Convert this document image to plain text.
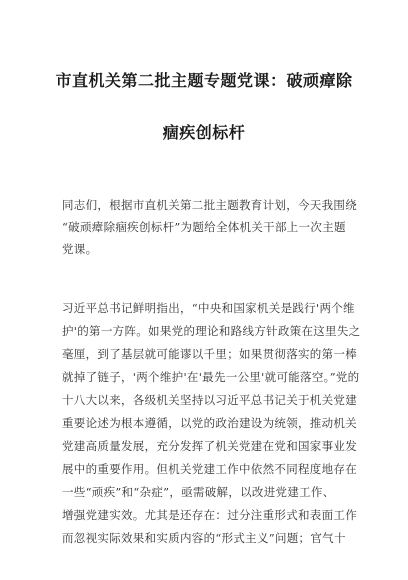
市直机关第二批主题专题党课：破顽瘴除
痼疾创标杆
同志们，根据市直机关第二批主题教育计划，今天我围绕
“破顽瘴除痼疾创标杆”为题给全体机关干部上一次主题
党课。
习近平总书记鲜明指出，“中央和国家机关是践行'两个维
护'的第一方阵。如果党的理论和路线方针政策在这里失之
毫厘，到了基层就可能谬以千里；如果贯彻落实的第一棒
就掉了链子，'两个维护'在'最先一公里'就可能落空。”党的
十八大以来，各级机关坚持以习近平总书记关于机关党建
重要论述为根本遵循，以党的政治建设为统领，推动机关
党建高质量发展，充分发挥了机关党建在党和国家事业发
展中的重要作用。但机关党建工作中依然不同程度地存在
一些“顽疾”和“杂症”，亟需破解，以改进党建工作、
增强党建实效。尤其是还存在：过分注重形式和表面工作
而忽视实际效果和实质内容的“形式主义”问题；官气十
